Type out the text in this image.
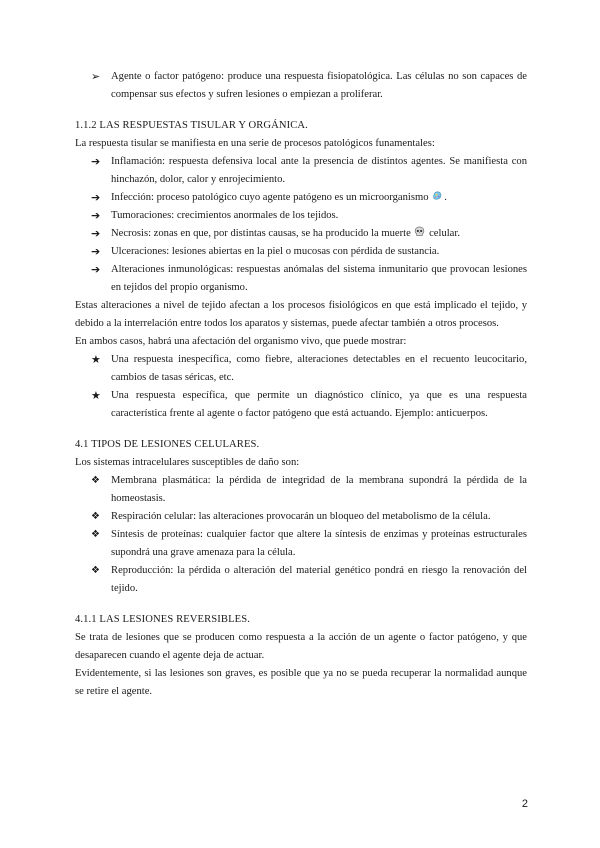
➢	Agente o factor patógeno: produce una respuesta fisiopatológica. Las células no son capaces de compensar sus efectos y sufren lesiones o empiezan a proliferar.
1.1.2 LAS RESPUESTAS TISULAR Y ORGÁNICA.

La respuesta tisular se manifiesta en una serie de procesos patológicos funamentales:

➔	Inflamación: respuesta defensiva local ante la presencia de distintos agentes. Se manifiesta con hinchazón, dolor, calor y enrojecimiento.
➔	Infección: proceso patológico cuyo agente patógeno es un microorganismo .
➔	Tumoraciones: crecimientos anormales de los tejidos.
➔	Necrosis: zonas en que, por distintas causas, se ha producido la muerte celular.
➔	Ulceraciones: lesiones abiertas en la piel o mucosas con pérdida de sustancia.
➔	Alteraciones inmunológicas: respuestas anómalas del sistema inmunitario que provocan lesiones en tejidos del propio organismo.

Estas alteraciones a nivel de tejido afectan a los procesos fisiológicos en que está implicado el tejido, y debido a la interrelación entre todos los aparatos y sistemas, puede afectar también a otros procesos.

En ambos casos, habrá una afectación del organismo vivo, que puede mostrar:

★ Una respuesta inespecífica, como fiebre, alteraciones detectables en el recuento leucocitario, cambios de tasas séricas, etc.
★ Una respuesta específica, que permite un diagnóstico clínico, ya que es una respuesta característica frente al agente o factor patógeno que está actuando. Ejemplo: anticuerpos.
4.1 TIPOS DE LESIONES CELULARES.

Los sistemas intracelulares susceptibles de daño son:

❖	Membrana plasmática: la pérdida de integridad de la membrana supondrá la pérdida de la homeostasis.
❖	Respiración celular: las alteraciones provocarán un bloqueo del metabolismo de la célula.
❖	Síntesis de proteínas: cualquier factor que altere la síntesis de enzimas y proteínas estructurales supondrá una grave amenaza para la célula.
❖	Reproducción: la pérdida o alteración del material genético pondrá en riesgo la renovación del tejido.
4.1.1 LAS LESIONES REVERSIBLES.

Se trata de lesiones que se producen como respuesta a la acción de un agente o factor patógeno, y que desaparecen cuando el agente deja de actuar.

Evidentemente, si las lesiones son graves, es posible que ya no se pueda recuperar la normalidad aunque se retire el agente.

2
